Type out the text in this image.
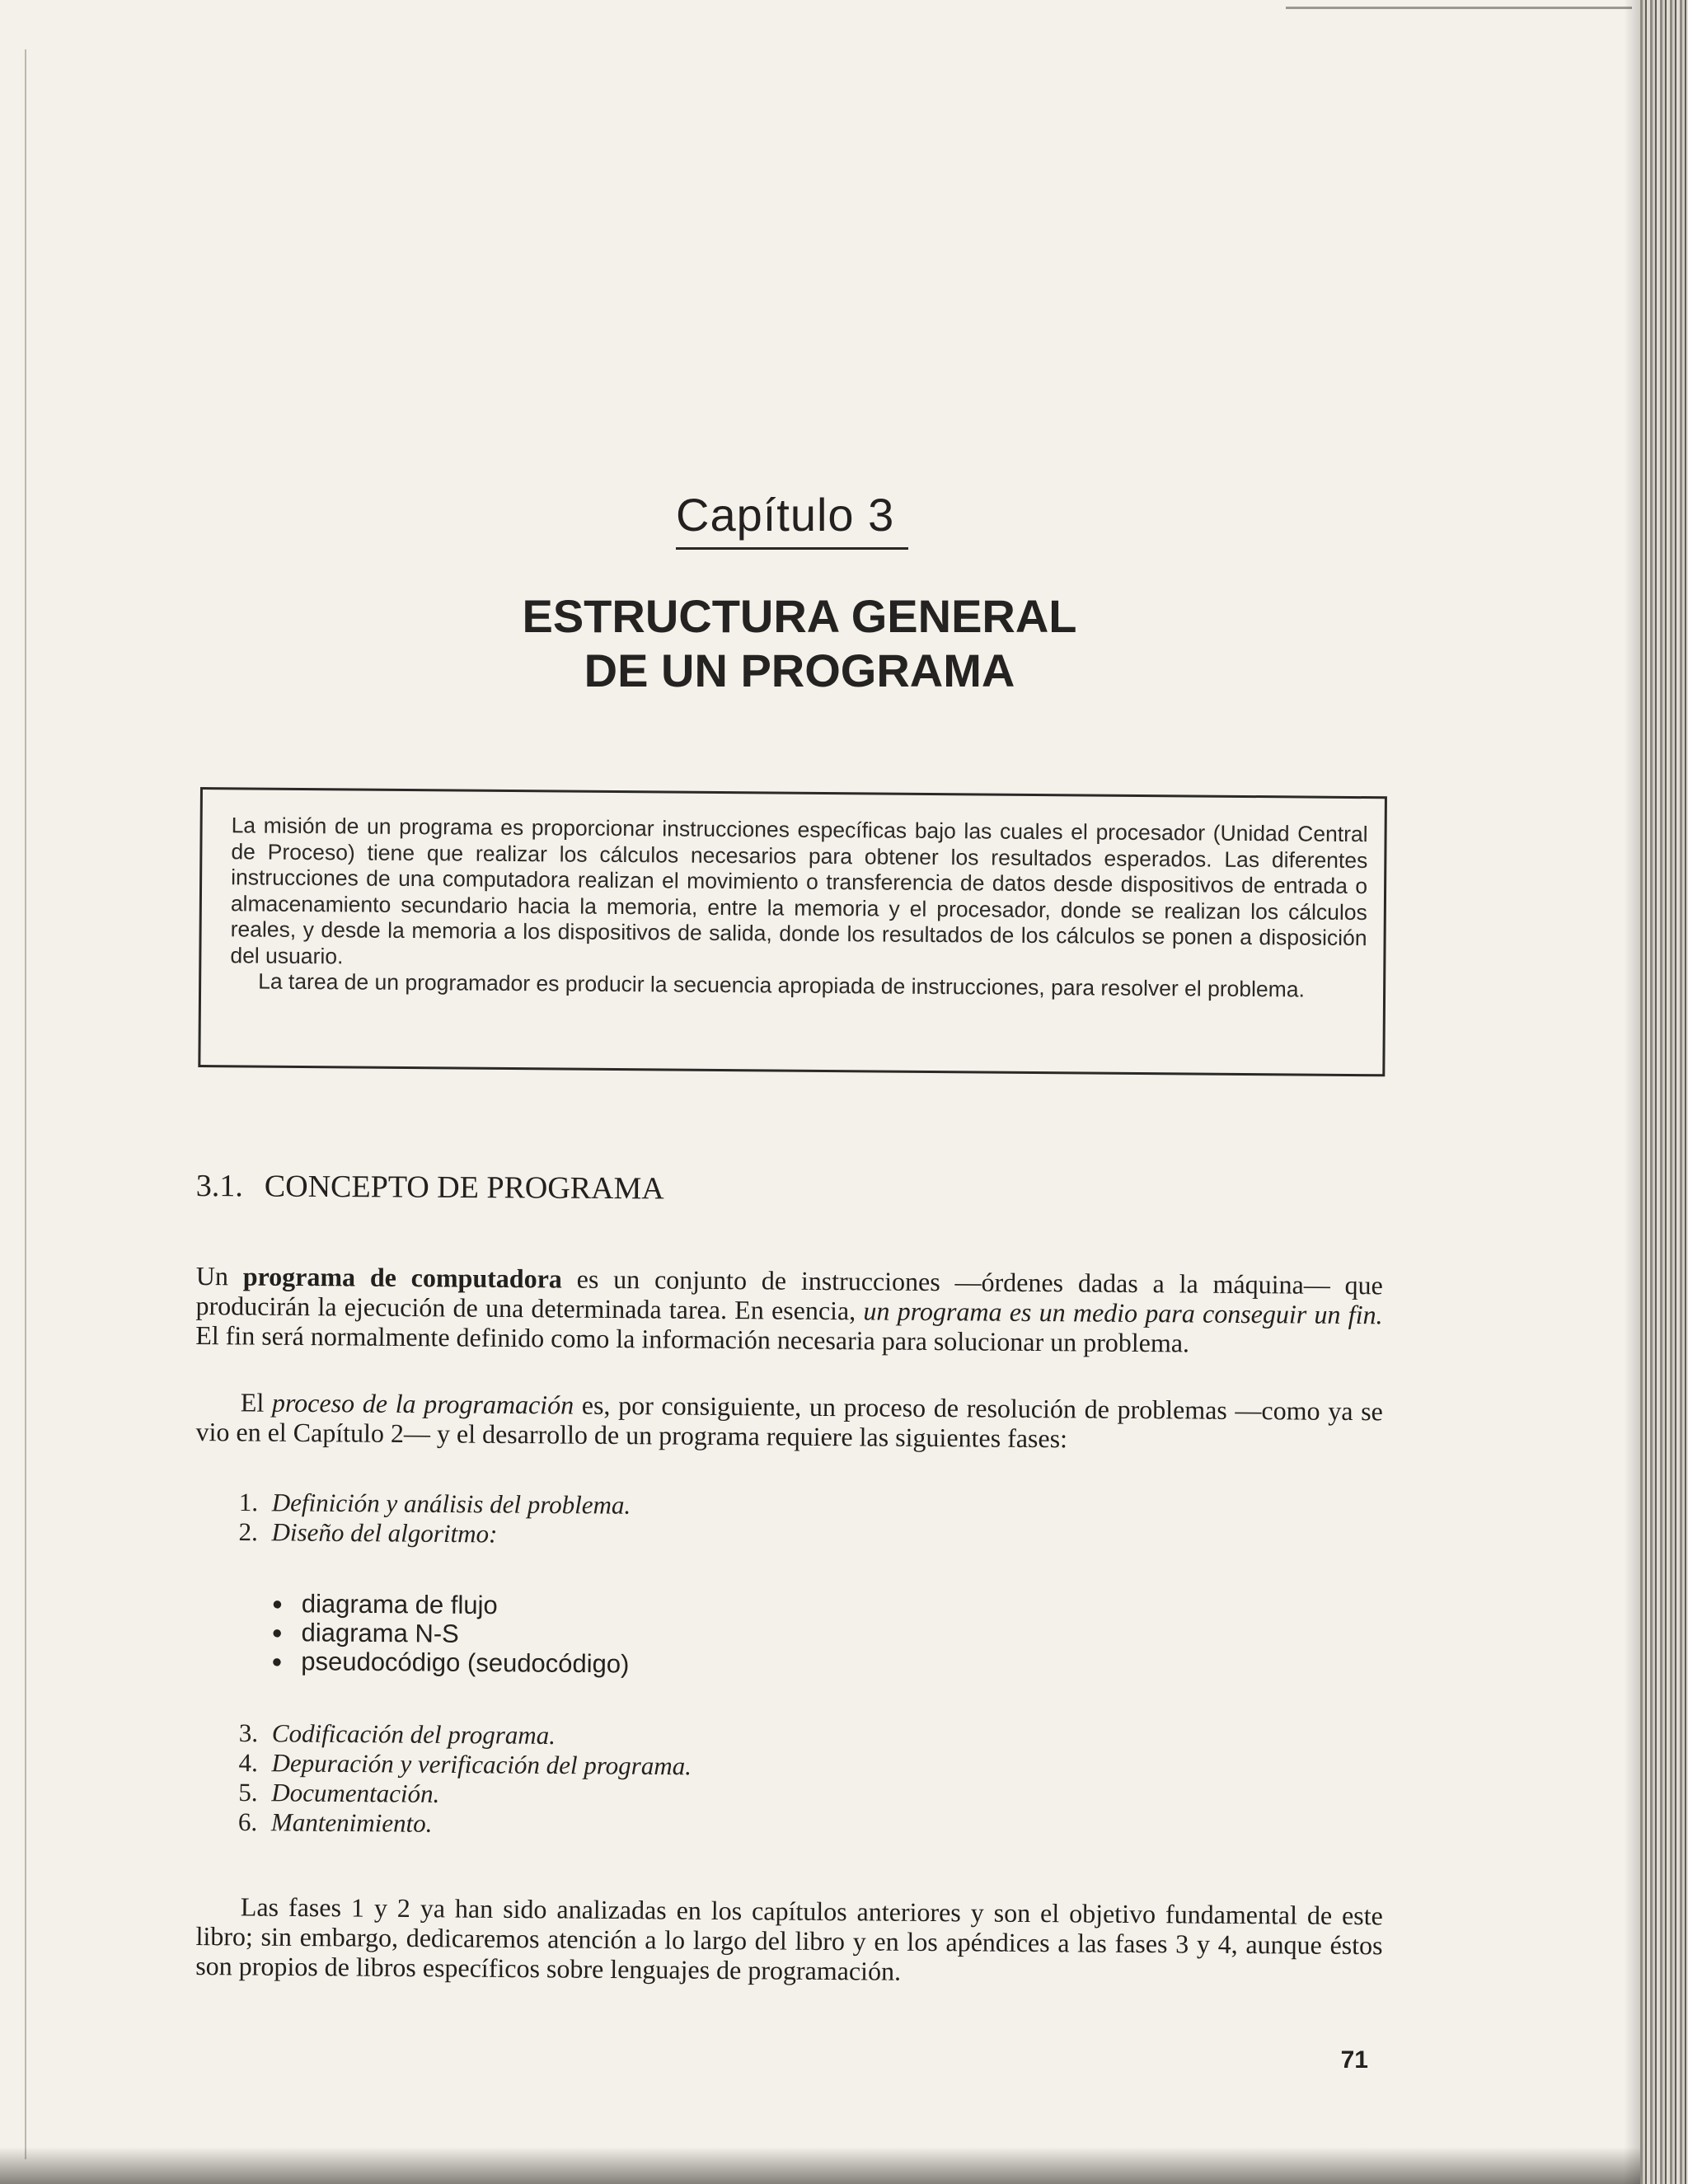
Capítulo 3
ESTRUCTURA GENERAL
DE UN PROGRAMA

La misión de un programa es proporcionar instrucciones específicas bajo las cuales el procesador (Unidad Central de Proceso) tiene que realizar los cálculos necesarios para obtener los resultados esperados. Las diferentes instrucciones de una computadora realizan el movimiento o transferencia de datos desde dispositivos de entrada o almacenamiento secundario hacia la memoria, entre la memoria y el procesador, donde se realizan los cálculos reales, y desde la memoria a los dispositivos de salida, donde los resultados de los cálculos se ponen a disposición del usuario.

La tarea de un programador es producir la secuencia apropiada de instrucciones, para resolver el problema.

3.1. CONCEPTO DE PROGRAMA

Un programa de computadora es un conjunto de instrucciones —órdenes dadas a la máquina— que producirán la ejecución de una determinada tarea. En esencia, un programa es un medio para conseguir un fin. El fin será normalmente definido como la información necesaria para solucionar un problema.

El proceso de la programación es, por consiguiente, un proceso de resolución de problemas —como ya se vio en el Capítulo 2— y el desarrollo de un programa requiere las siguientes fases:

1. Definición y análisis del problema.
2. Diseño del algoritmo:
● diagrama de flujo
● diagrama N-S
● pseudocódigo (seudocódigo)
3. Codificación del programa.
4. Depuración y verificación del programa.
5. Documentación.
6. Mantenimiento.

Las fases 1 y 2 ya han sido analizadas en los capítulos anteriores y son el objetivo fundamental de este libro; sin embargo, dedicaremos atención a lo largo del libro y en los apéndices a las fases 3 y 4, aunque éstos son propios de libros específicos sobre lenguajes de programación.

71
